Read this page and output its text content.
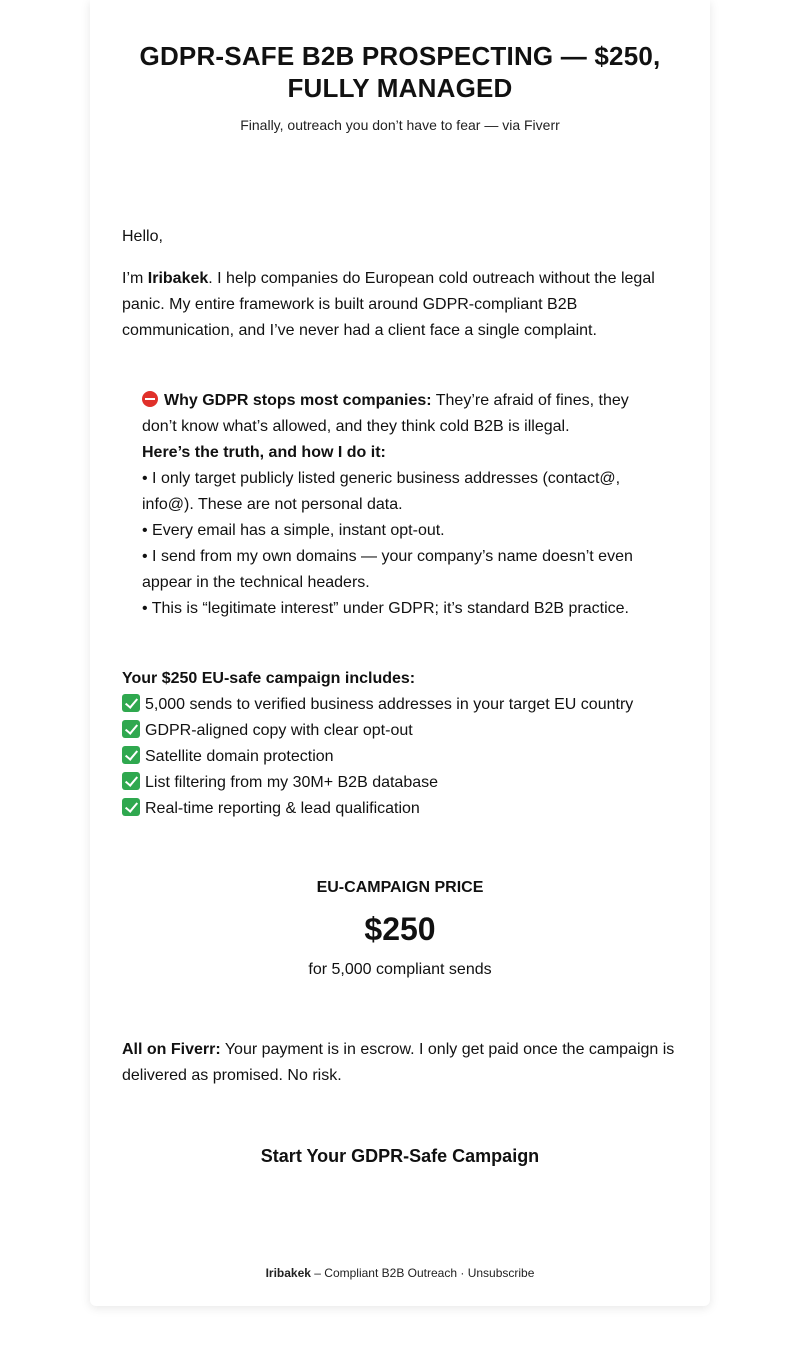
GDPR-SAFE B2B PROSPECTING — $250, FULLY MANAGED
Finally, outreach you don’t have to fear — via Fiverr
Hello,
I’m Iribakek. I help companies do European cold outreach without the legal panic. My entire framework is built around GDPR-compliant B2B communication, and I’ve never had a client face a single complaint.

Why GDPR stops most companies: They’re afraid of fines, they don’t know what’s allowed, and they think cold B2B is illegal.

Here’s the truth, and how I do it:

• I only target publicly listed generic business addresses (contact@, info@). These are not personal data.
• Every email has a simple, instant opt-out.
• I send from my own domains — your company’s name doesn’t even appear in the technical headers.
• This is “legitimate interest” under GDPR; it’s standard B2B practice.
Your $250 EU-safe campaign includes:
5,000 sends to verified business addresses in your target EU country
GDPR-aligned copy with clear opt-out
Satellite domain protection
List filtering from my 30M+ B2B database
Real-time reporting & lead qualification
EU-CAMPAIGN PRICE
$250
for 5,000 compliant sends
All on Fiverr: Your payment is in escrow. I only get paid once the campaign is delivered as promised. No risk.
Start Your GDPR-Safe Campaign
Iribakek – Compliant B2B Outreach · Unsubscribe
